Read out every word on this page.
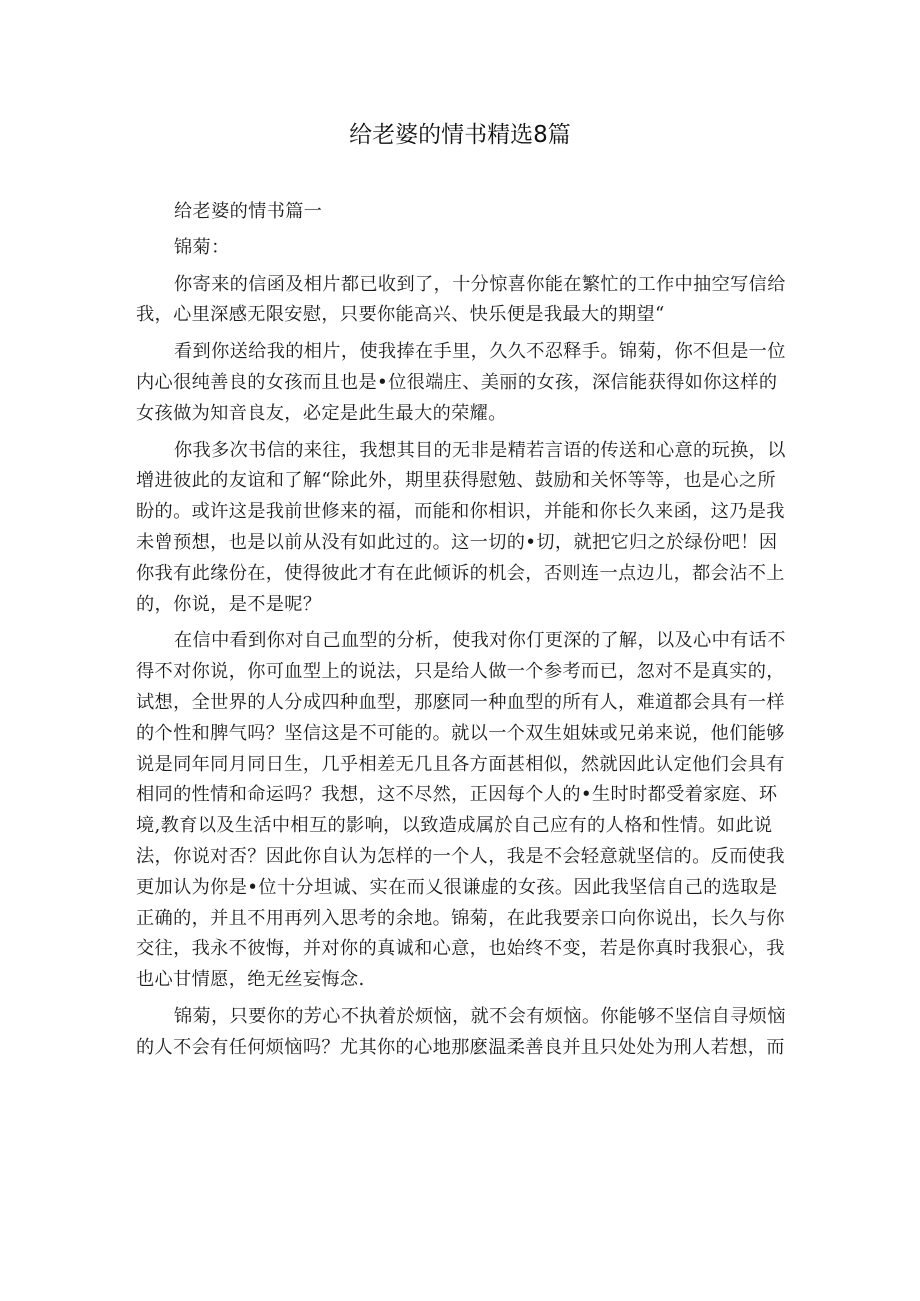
给老婆的情书精选8篇

给老婆的情书篇一

锦菊：

你寄来的信函及相片都已收到了，十分惊喜你能在繁忙的工作中抽空写信给

我，心里深感无限安慰，只要你能高兴、快乐便是我最大的期望“

看到你送给我的相片，使我捧在手里，久久不忍释手。锦菊，你不但是一位

内心很纯善良的女孩而且也是•位很端庄、美丽的女孩，深信能获得如你这样的

女孩做为知音良友，必定是此生最大的荣耀。

你我多次书信的来往，我想其目的无非是精若言语的传送和心意的玩换，以

增进彼此的友谊和了解“除此外，期里获得慰勉、鼓励和关怀等等，也是心之所

盼的。或许这是我前世修来的福，而能和你相识，并能和你长久来函，这乃是我

未曾预想，也是以前从没有如此过的。这一切的•切，就把它归之於绿份吧！因

你我有此缘份在，使得彼此才有在此倾诉的机会，否则连一点边儿，都会沾不上

的，你说，是不是呢？

在信中看到你对自己血型的分析，使我对你仃更深的了解，以及心中有话不

得不对你说，你可血型上的说法，只是给人做一个参考而已，忽对不是真实的，

试想，全世界的人分成四种血型，那麽同一种血型的所有人，难道都会具有一样

的个性和脾气吗？坚信这是不可能的。就以一个双生姐妹或兄弟来说，他们能够

说是同年同月同日生，几乎相差无几且各方面甚相似，然就因此认定他们会具有

相同的性情和命运吗？我想，这不尽然，正因每个人的•生时时都受着家庭、环

境,教育以及生活中相互的影响，以致造成属於自己应有的人格和性情。如此说

法，你说对否？因此你自认为怎样的一个人，我是不会轻意就坚信的。反而使我

更加认为你是•位十分坦诚、实在而乂很谦虚的女孩。因此我坚信自己的选取是

正确的，并且不用再列入思考的余地。锦菊，在此我要亲口向你说出，长久与你

交往，我永不彼悔，并对你的真诚和心意，也始终不变，若是你真时我狠心，我

也心甘情愿，绝无丝妄悔念.

锦菊，只要你的芳心不执着於烦恼，就不会有烦恼。你能够不坚信自寻烦恼

的人不会有任何烦恼吗？尤其你的心地那麽温柔善良并且只处处为刑人若想，而
